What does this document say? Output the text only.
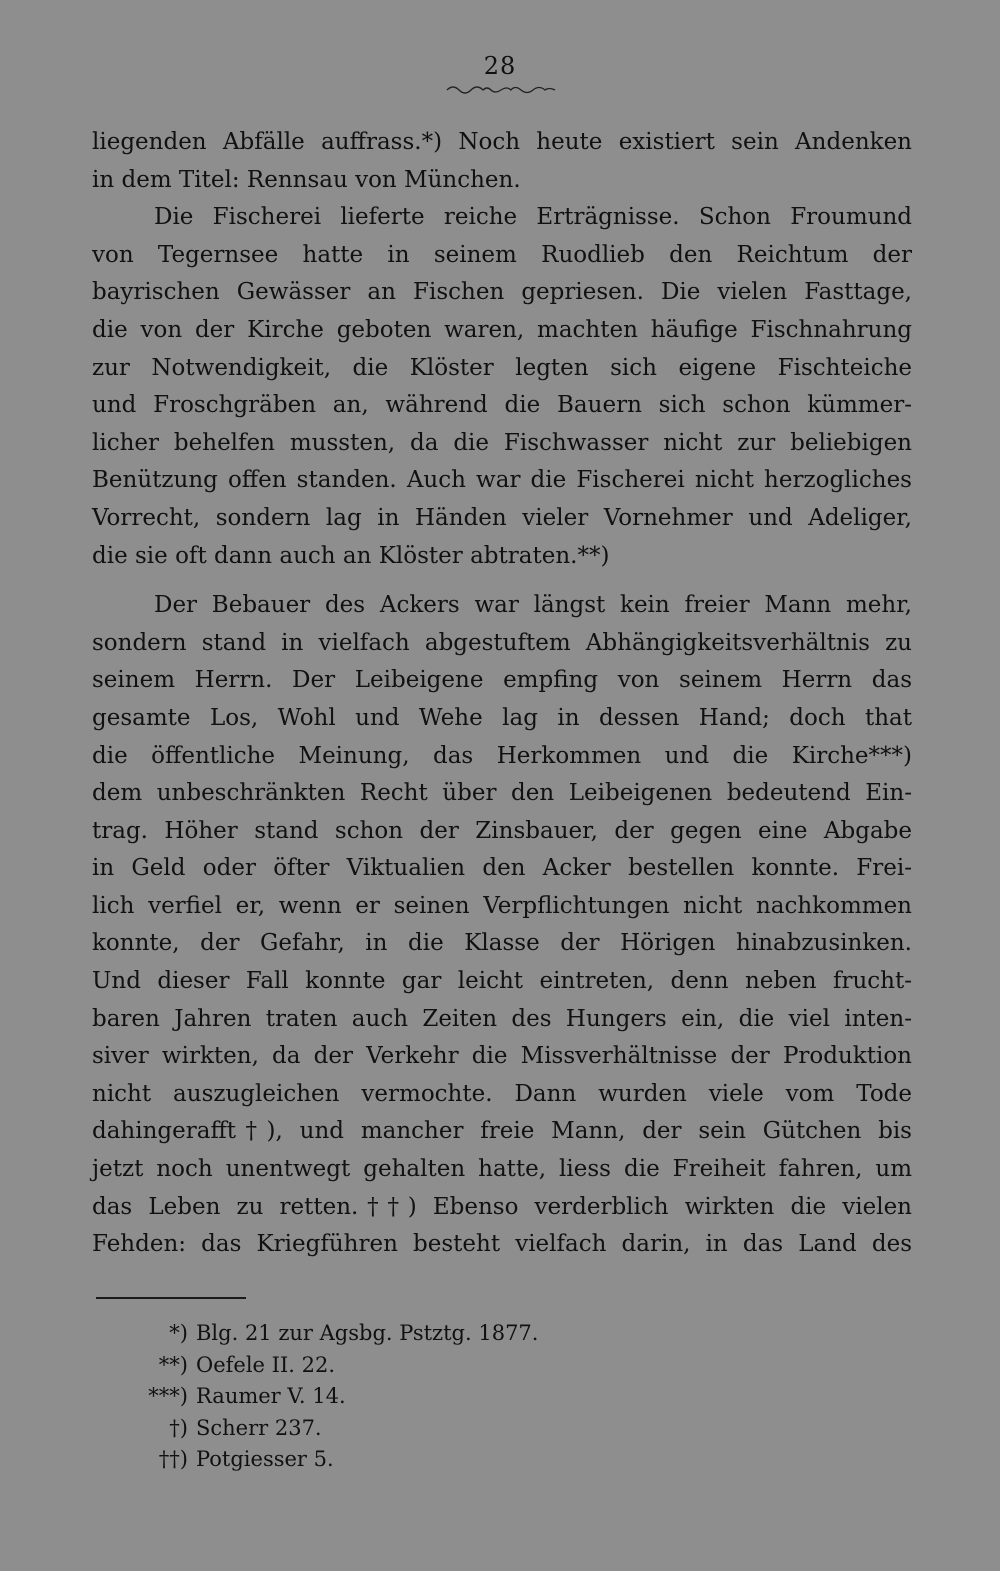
28
liegenden Abfälle auffrass.*) Noch heute existiert sein Andenken
in dem Titel: Rennsau von München.
Die Fischerei lieferte reiche Erträgnisse. Schon Froumund
von Tegernsee hatte in seinem Ruodlieb den Reichtum der
bayrischen Gewässer an Fischen gepriesen. Die vielen Fasttage,
die von der Kirche geboten waren, machten häufige Fischnahrung
zur Notwendigkeit, die Klöster legten sich eigene Fischteiche
und Froschgräben an, während die Bauern sich schon kümmer-
licher behelfen mussten, da die Fischwasser nicht zur beliebigen
Benützung offen standen. Auch war die Fischerei nicht herzogliches
Vorrecht, sondern lag in Händen vieler Vornehmer und Adeliger,
die sie oft dann auch an Klöster abtraten.**)
Der Bebauer des Ackers war längst kein freier Mann mehr,
sondern stand in vielfach abgestuftem Abhängigkeitsverhältnis zu
seinem Herrn. Der Leibeigene empfing von seinem Herrn das
gesamte Los, Wohl und Wehe lag in dessen Hand; doch that
die öffentliche Meinung, das Herkommen und die Kirche***)
dem unbeschränkten Recht über den Leibeigenen bedeutend Ein-
trag. Höher stand schon der Zinsbauer, der gegen eine Abgabe
in Geld oder öfter Viktualien den Acker bestellen konnte. Frei-
lich verfiel er, wenn er seinen Verpflichtungen nicht nachkommen
konnte, der Gefahr, in die Klasse der Hörigen hinabzusinken.
Und dieser Fall konnte gar leicht eintreten, denn neben frucht-
baren Jahren traten auch Zeiten des Hungers ein, die viel inten-
siver wirkten, da der Verkehr die Missverhältnisse der Produktion
nicht auszugleichen vermochte. Dann wurden viele vom Tode
dahingerafft†), und mancher freie Mann, der sein Gütchen bis
jetzt noch unentwegt gehalten hatte, liess die Freiheit fahren, um
das Leben zu retten.††) Ebenso verderblich wirkten die vielen
Fehden: das Kriegführen besteht vielfach darin, in das Land des
*) Blg. 21 zur Agsbg. Pstztg. 1877.
**) Oefele II. 22.
***) Raumer V. 14.
†) Scherr 237.
††) Potgiesser 5.
